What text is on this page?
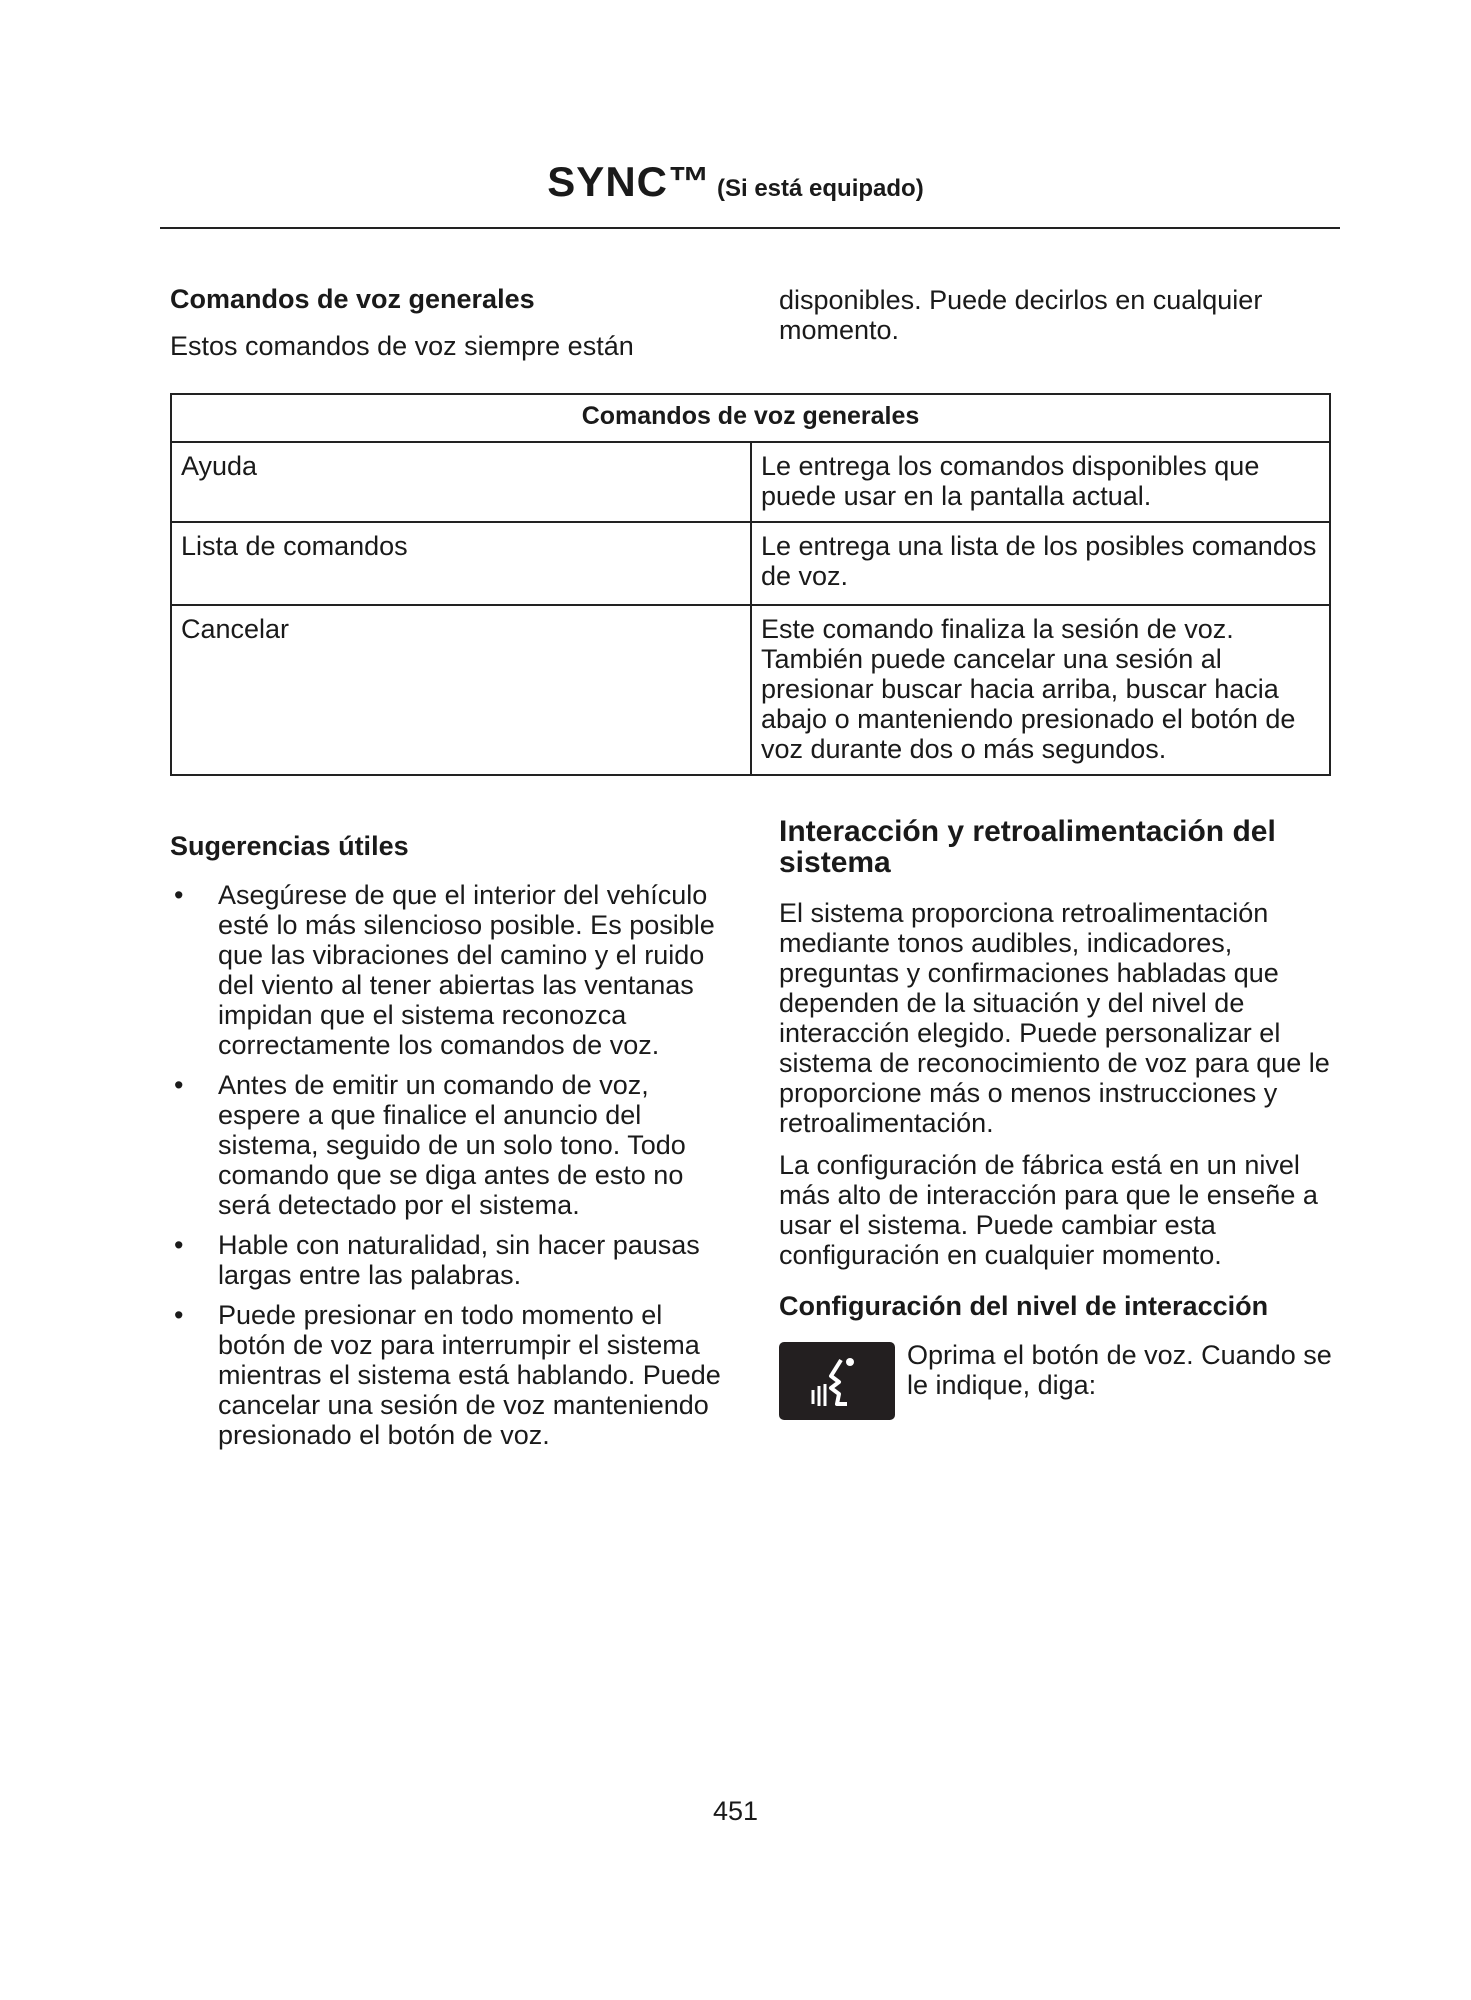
SYNC™ (Si está equipado)

Comandos de voz generales

Estos comandos de voz siempre están

disponibles. Puede decirlos en cualquier momento.

Comandos de voz generales	
Ayuda	Le entrega los comandos disponibles que puede usar en la pantalla actual.
Lista de comandos	Le entrega una lista de los posibles comandos de voz.
Cancelar	Este comando finaliza la sesión de voz. También puede cancelar una sesión al presionar buscar hacia arriba, buscar hacia abajo o manteniendo presionado el botón de voz durante dos o más segundos.

Sugerencias útiles

• Asegúrese de que el interior del vehículo esté lo más silencioso posible. Es posible que las vibraciones del camino y el ruido del viento al tener abiertas las ventanas impidan que el sistema reconozca correctamente los comandos de voz.
• Antes de emitir un comando de voz, espere a que finalice el anuncio del sistema, seguido de un solo tono. Todo comando que se diga antes de esto no será detectado por el sistema.
• Hable con naturalidad, sin hacer pausas largas entre las palabras.
• Puede presionar en todo momento el botón de voz para interrumpir el sistema mientras el sistema está hablando. Puede cancelar una sesión de voz manteniendo presionado el botón de voz.

Interacción y retroalimentación del sistema

El sistema proporciona retroalimentación mediante tonos audibles, indicadores, preguntas y confirmaciones habladas que dependen de la situación y del nivel de interacción elegido. Puede personalizar el sistema de reconocimiento de voz para que le proporcione más o menos instrucciones y retroalimentación.

La configuración de fábrica está en un nivel más alto de interacción para que le enseñe a usar el sistema. Puede cambiar esta configuración en cualquier momento.

Configuración del nivel de interacción

Oprima el botón de voz. Cuando se le indique, diga:

451
